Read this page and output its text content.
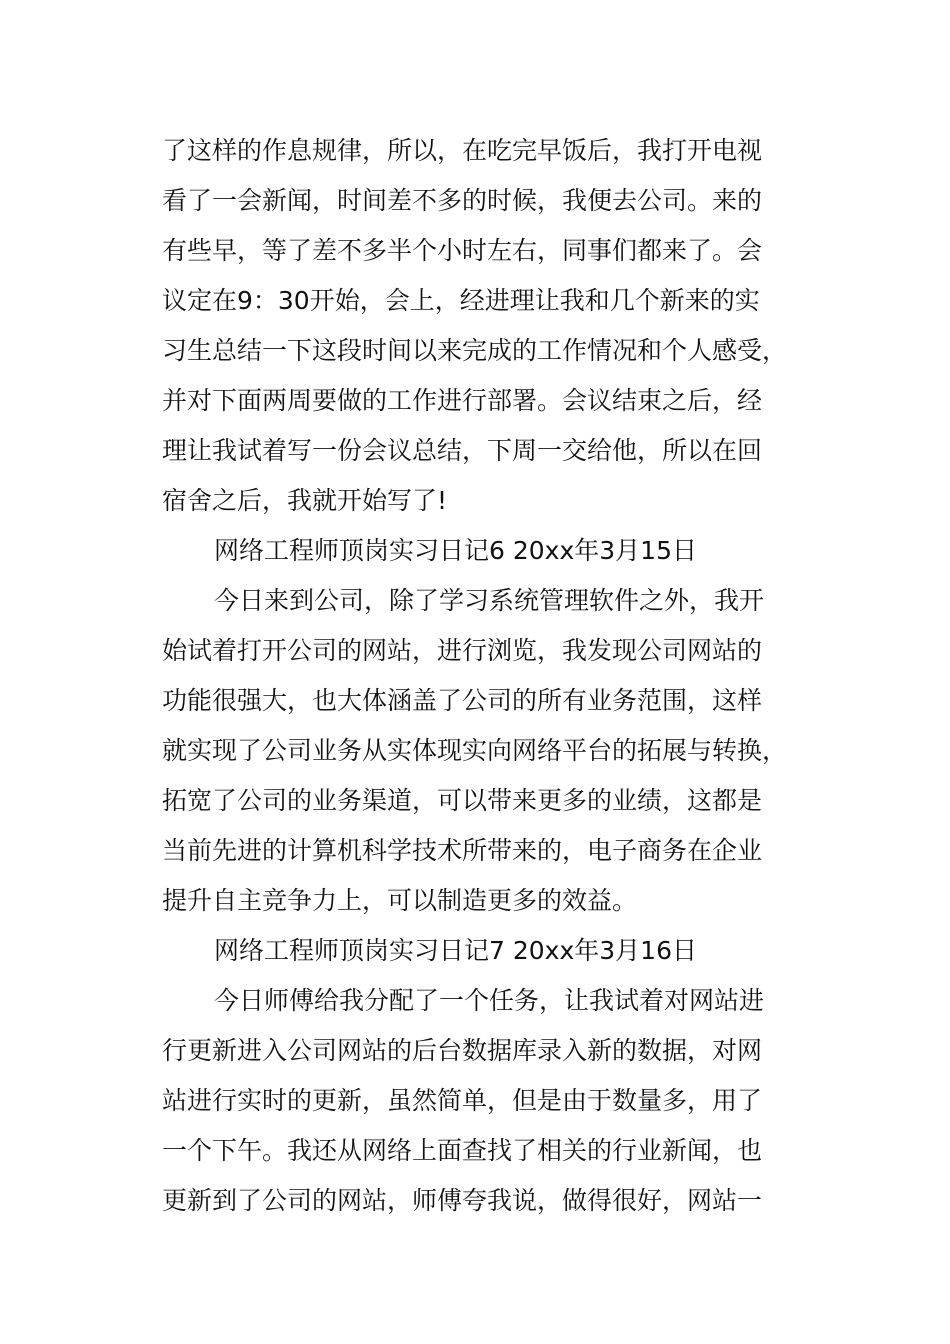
了这样的作息规律，所以，在吃完早饭后，我打开电视
看了一会新闻，时间差不多的时候，我便去公司。来的
有些早，等了差不多半个小时左右，同事们都来了。会
议定在9：30开始，会上，经进理让我和几个新来的实
习生总结一下这段时间以来完成的工作情况和个人感受，
并对下面两周要做的工作进行部署。会议结束之后，经
理让我试着写一份会议总结，下周一交给他，所以在回
宿舍之后，我就开始写了!
网络工程师顶岗实习日记6 20xx年3月15日
今日来到公司，除了学习系统管理软件之外，我开
始试着打开公司的网站，进行浏览，我发现公司网站的
功能很强大，也大体涵盖了公司的所有业务范围，这样
就实现了公司业务从实体现实向网络平台的拓展与转换，
拓宽了公司的业务渠道，可以带来更多的业绩，这都是
当前先进的计算机科学技术所带来的，电子商务在企业
提升自主竞争力上，可以制造更多的效益。
网络工程师顶岗实习日记7 20xx年3月16日
今日师傅给我分配了一个任务，让我试着对网站进
行更新进入公司网站的后台数据库录入新的数据，对网
站进行实时的更新，虽然简单，但是由于数量多，用了
一个下午。我还从网络上面查找了相关的行业新闻，也
更新到了公司的网站，师傅夸我说，做得很好，网站一
